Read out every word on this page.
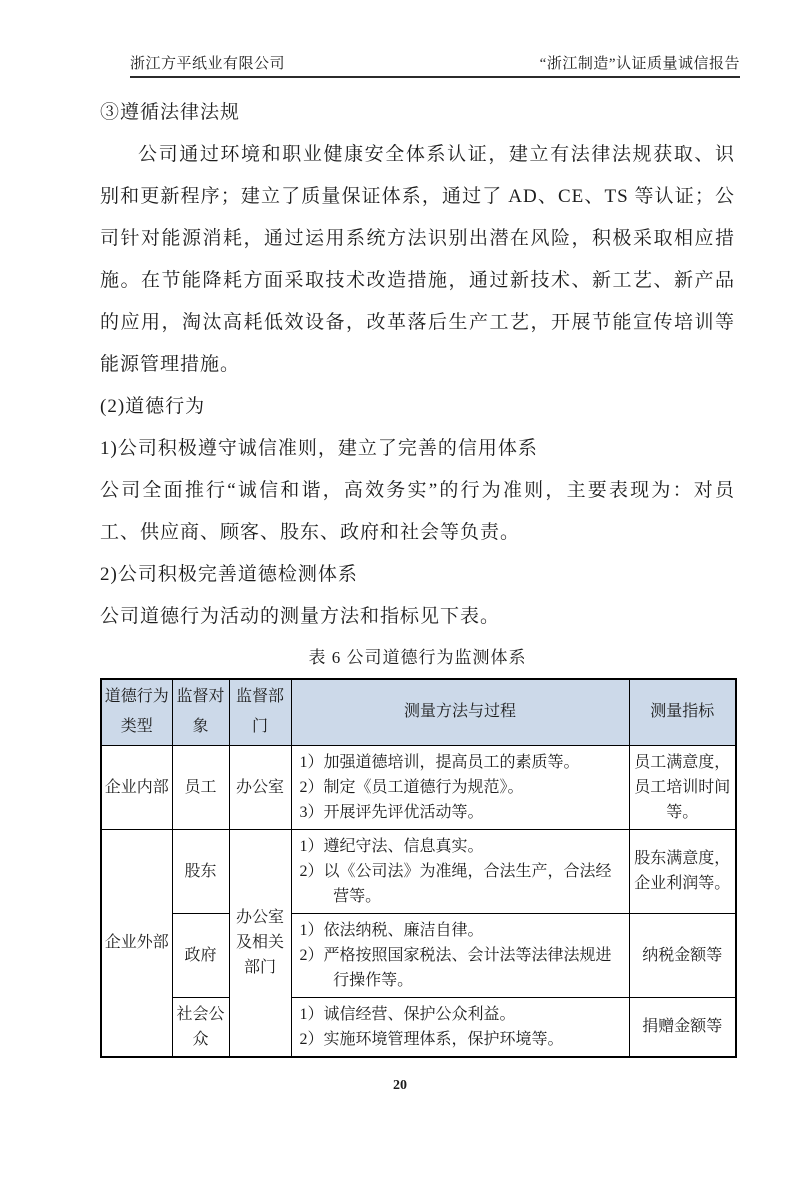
浙江方平纸业有限公司	“浙江制造”认证质量诚信报告

③遵循法律法规

公司通过环境和职业健康安全体系认证，建立有法律法规获取、识别和更新程序；建立了质量保证体系，通过了 AD、CE、TS 等认证；公司针对能源消耗，通过运用系统方法识别出潜在风险，积极采取相应措施。在节能降耗方面采取技术改造措施，通过新技术、新工艺、新产品的应用，淘汰高耗低效设备，改革落后生产工艺，开展节能宣传培训等能源管理措施。

(2)道德行为

1)公司积极遵守诚信准则，建立了完善的信用体系

公司全面推行“诚信和谐，高效务实”的行为准则，主要表现为：对员工、供应商、顾客、股东、政府和社会等负责。

2)公司积极完善道德检测体系

公司道德行为活动的测量方法和指标见下表。

表 6 公司道德行为监测体系
道德行为类型	监督对象	监督部门	测量方法与过程	测量指标
企业内部	员工	办公室	1）加强道德培训，提高员工的素质等。
2）制定《员工道德行为规范》。
3）开展评先评优活动等。	员工满意度，员工培训时间等。
企业外部	股东	办公室及相关部门	1）遵纪守法、信息真实。
2）以《公司法》为准绳，合法生产，合法经营等。	股东满意度，企业利润等。
	政府		1）依法纳税、廉洁自律。
2）严格按照国家税法、会计法等法律法规进行操作等。	纳税金额等
	社会公众		1）诚信经营、保护公众利益。
2）实施环境管理体系，保护环境等。	捐赠金额等
20
